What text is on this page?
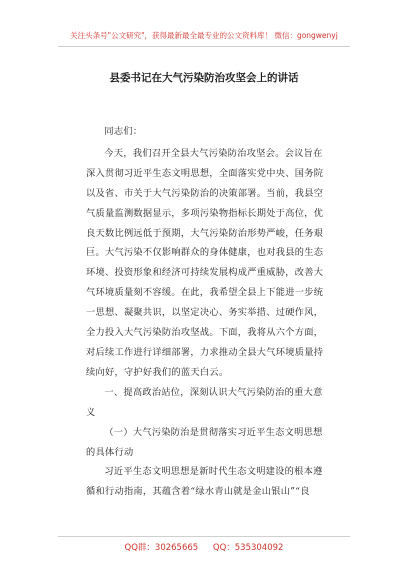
关注头条号"公文研究"，获得最新最全最专业的公文资料库！ 微信：gongwenyj
县委书记在大气污染防治攻坚会上的讲话

同志们：

今天，我们召开全县大气污染防治攻坚会。会议旨在深入贯彻习近平生态文明思想，全面落实党中央、国务院以及省、市关于大气污染防治的决策部署。当前，我县空气质量监测数据显示，多项污染物指标长期处于高位，优良天数比例远低于预期，大气污染防治形势严峻，任务艰巨。大气污染不仅影响群众的身体健康，也对我县的生态环境、投资形象和经济可持续发展构成严重威胁，改善大气环境质量刻不容缓。在此，我希望全县上下能进一步统一思想、凝聚共识，以坚定决心、务实举措、过硬作风，全力投入大气污染防治攻坚战。下面，我将从六个方面，对后续工作进行详细部署，力求推动全县大气环境质量持续向好，守护好我们的蓝天白云。

一、提高政治站位，深刻认识大气污染防治的重大意义

（一）大气污染防治是贯彻落实习近平生态文明思想的具体行动

习近平生态文明思想是新时代生态文明建设的根本遵循和行动指南，其蕴含着“绿水青山就是金山银山”“良

QQ群：30265665 QQ：535304092
